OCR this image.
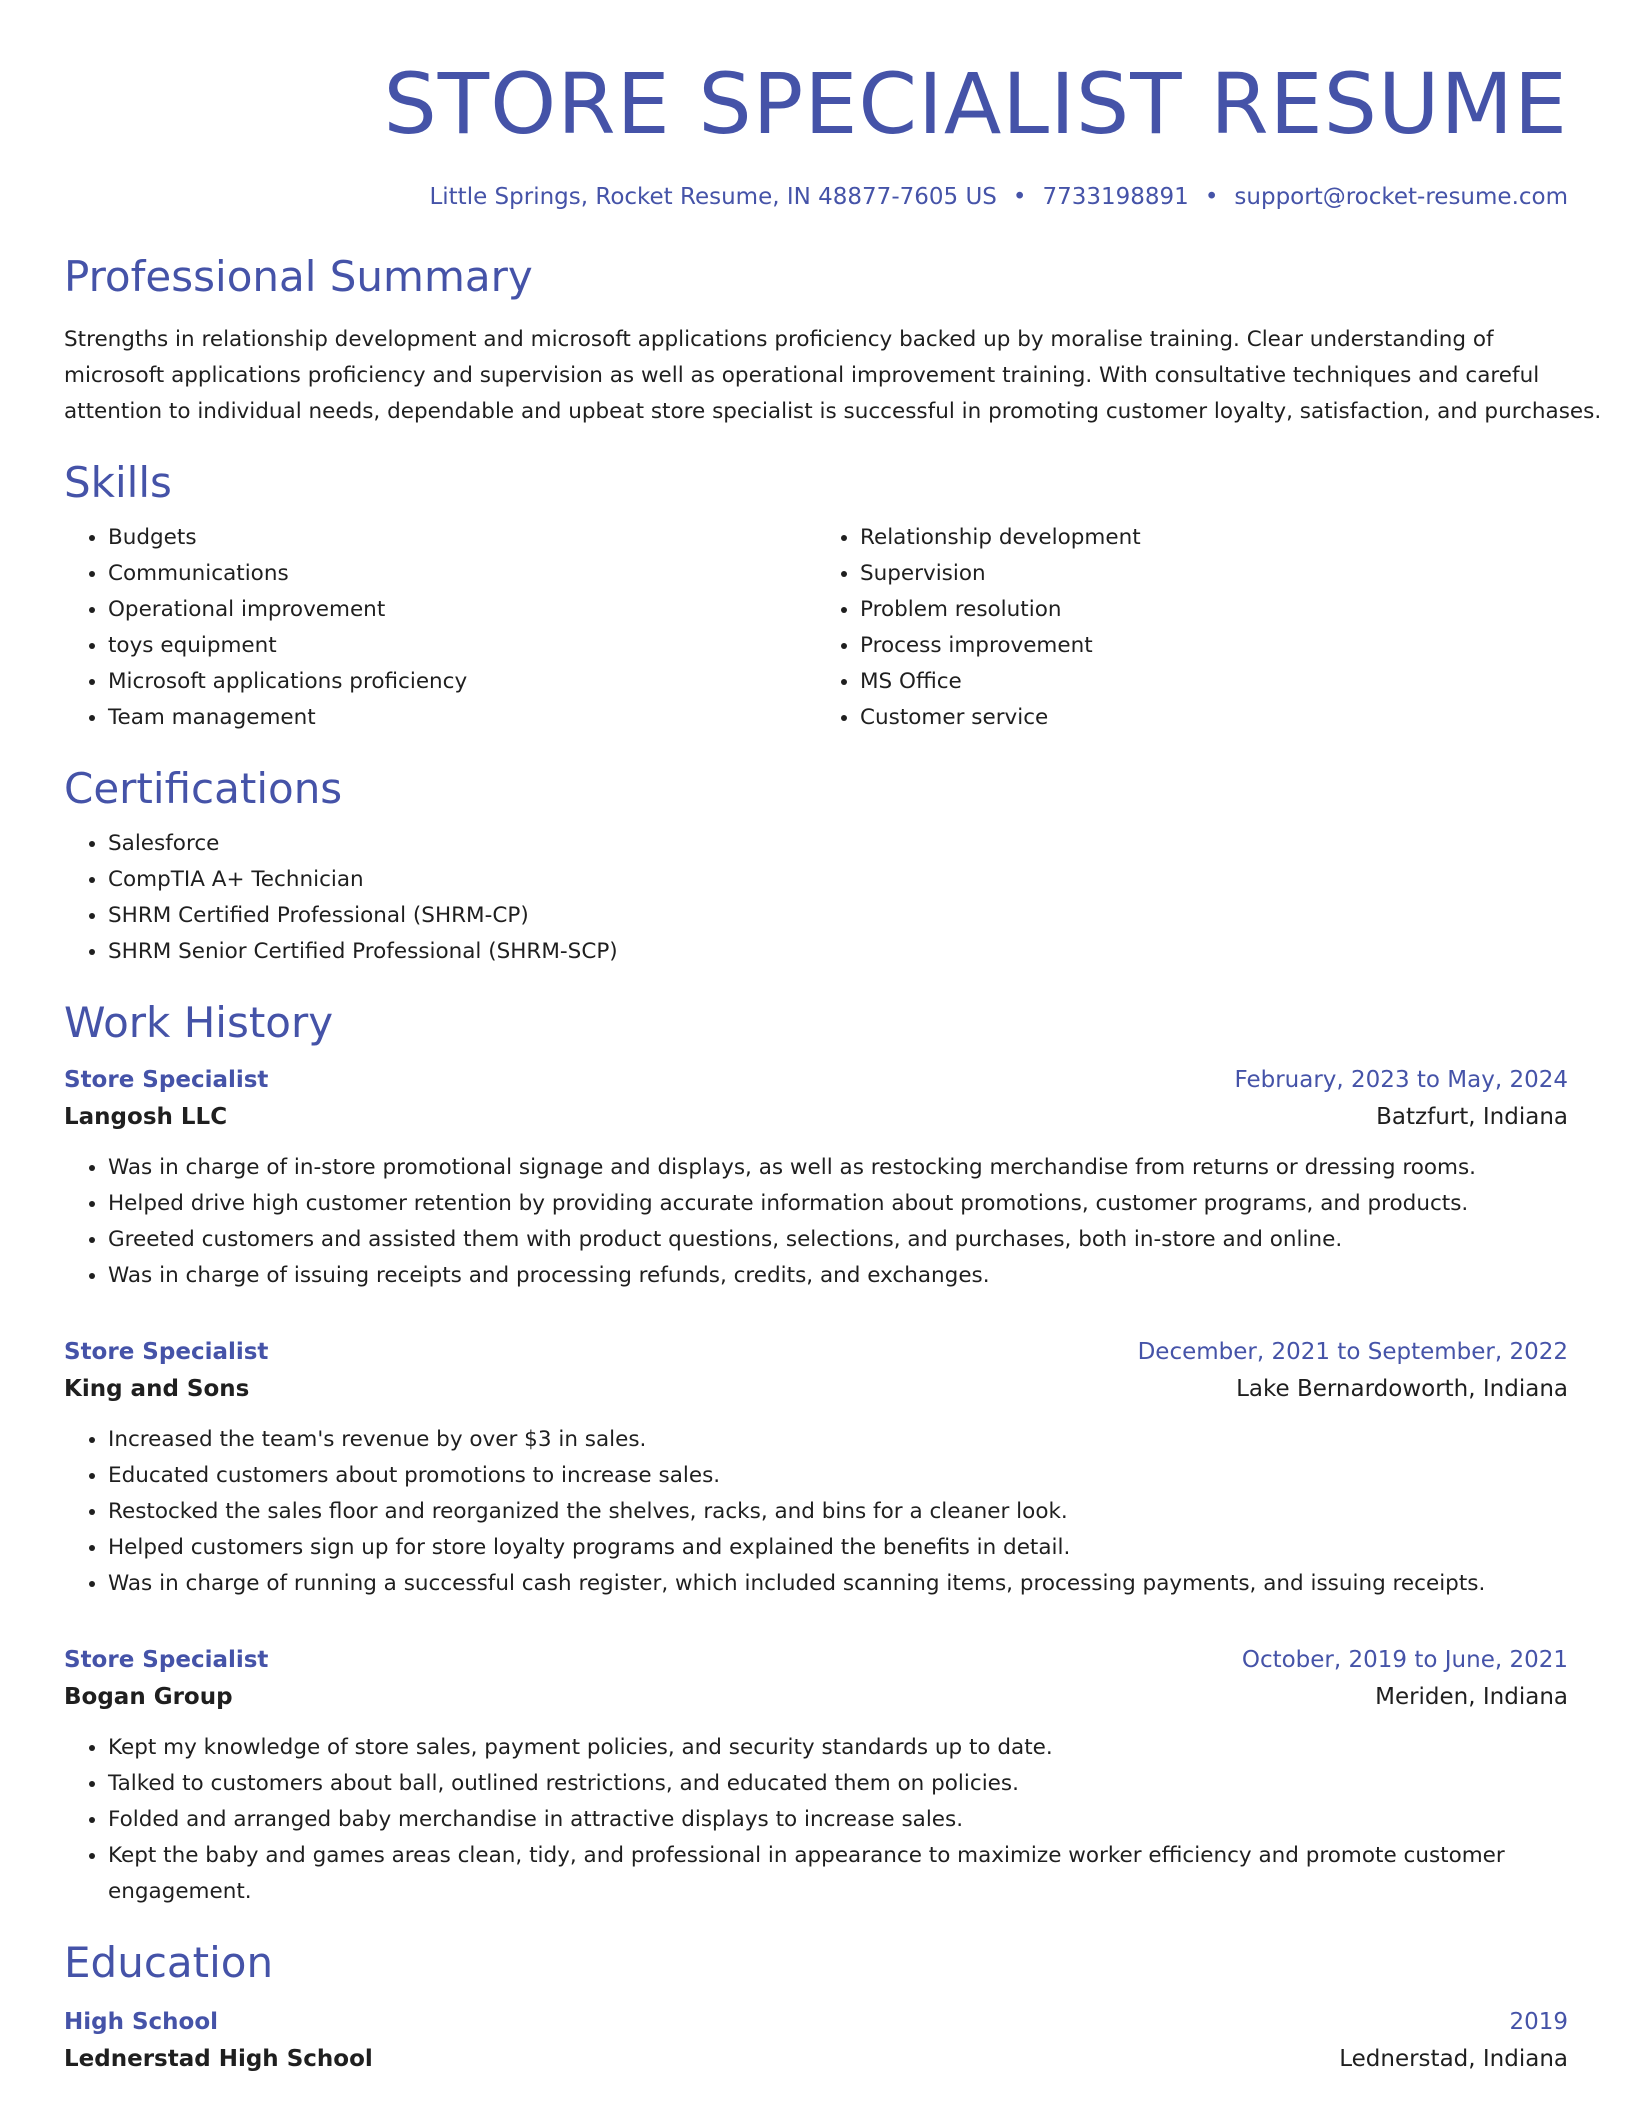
STORE SPECIALIST RESUME
Little Springs, Rocket Resume, IN 48877-7605 US • 7733198891 • support@rocket-resume.com
Professional Summary
Strengths in relationship development and microsoft applications proficiency backed up by moralise training. Clear understanding of
microsoft applications proficiency and supervision as well as operational improvement training. With consultative techniques and careful
attention to individual needs, dependable and upbeat store specialist is successful in promoting customer loyalty, satisfaction, and purchases.
Skills
• Budgets
• Communications
• Operational improvement
• toys equipment
• Microsoft applications proficiency
• Team management
• Relationship development
• Supervision
• Problem resolution
• Process improvement
• MS Office
• Customer service
Certifications
• Salesforce
• CompTIA A+ Technician
• SHRM Certified Professional (SHRM-CP)
• SHRM Senior Certified Professional (SHRM-SCP)
Work History
Store Specialist	February, 2023 to May, 2024
Langosh LLC	Batzfurt, Indiana
• Was in charge of in-store promotional signage and displays, as well as restocking merchandise from returns or dressing rooms.
• Helped drive high customer retention by providing accurate information about promotions, customer programs, and products.
• Greeted customers and assisted them with product questions, selections, and purchases, both in-store and online.
• Was in charge of issuing receipts and processing refunds, credits, and exchanges.
Store Specialist	December, 2021 to September, 2022
King and Sons	Lake Bernardoworth, Indiana
• Increased the team's revenue by over $3 in sales.
• Educated customers about promotions to increase sales.
• Restocked the sales floor and reorganized the shelves, racks, and bins for a cleaner look.
• Helped customers sign up for store loyalty programs and explained the benefits in detail.
• Was in charge of running a successful cash register, which included scanning items, processing payments, and issuing receipts.
Store Specialist	October, 2019 to June, 2021
Bogan Group	Meriden, Indiana
• Kept my knowledge of store sales, payment policies, and security standards up to date.
• Talked to customers about ball, outlined restrictions, and educated them on policies.
• Folded and arranged baby merchandise in attractive displays to increase sales.
• Kept the baby and games areas clean, tidy, and professional in appearance to maximize worker efficiency and promote customer engagement.
Education
High School	2019
Lednerstad High School	Lednerstad, Indiana
